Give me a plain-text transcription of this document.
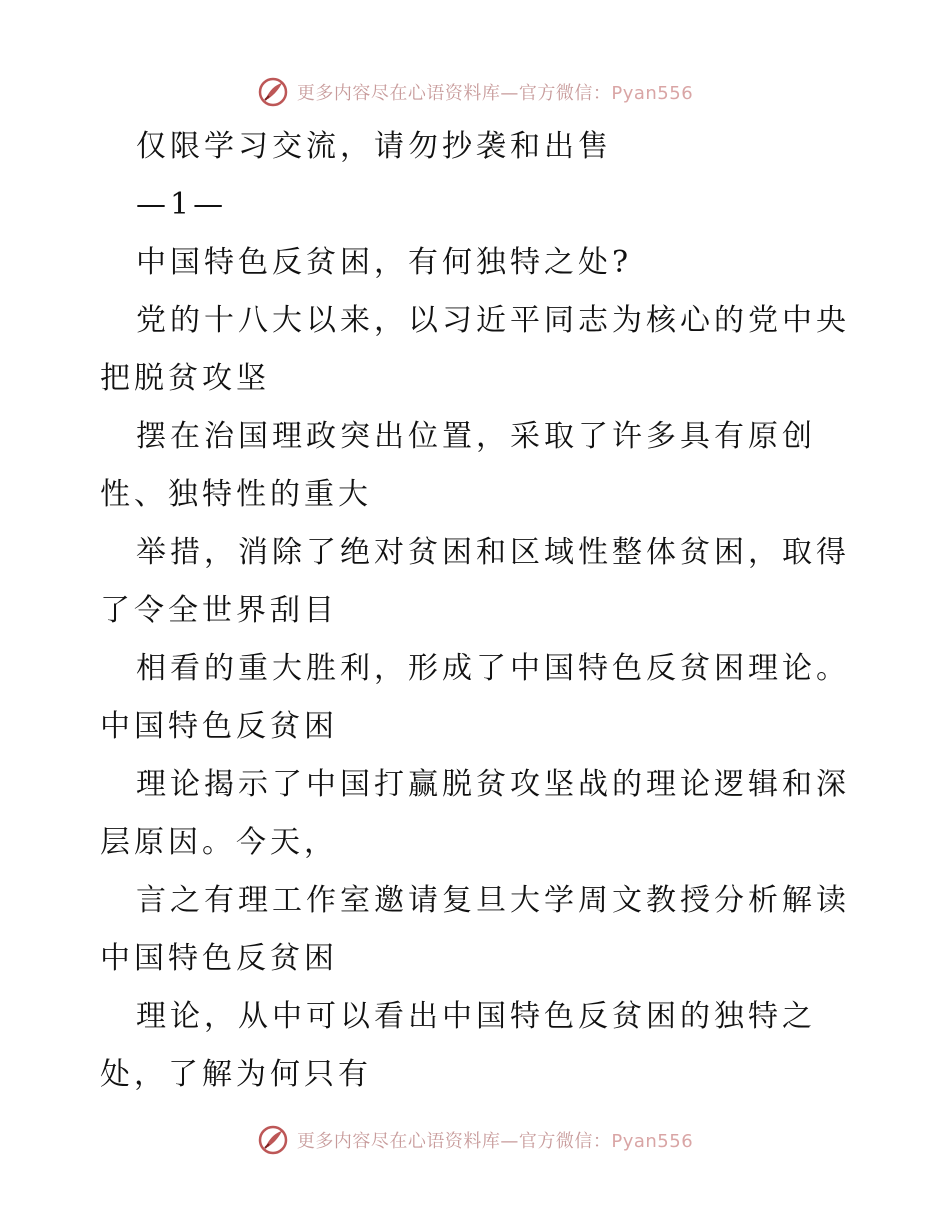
更多内容尽在心语资料库—官方微信：Pyan556
仅限学习交流，请勿抄袭和出售
—1—
中国特色反贫困，有何独特之处?
党的十八大以来，以习近平同志为核心的党中央
把脱贫攻坚
摆在治国理政突出位置，采取了许多具有原创
性、独特性的重大
举措，消除了绝对贫困和区域性整体贫困，取得
了令全世界刮目
相看的重大胜利，形成了中国特色反贫困理论。
中国特色反贫困
理论揭示了中国打赢脱贫攻坚战的理论逻辑和深
层原因。今天，
言之有理工作室邀请复旦大学周文教授分析解读
中国特色反贫困
理论，从中可以看出中国特色反贫困的独特之
处，了解为何只有
更多内容尽在心语资料库—官方微信：Pyan556
